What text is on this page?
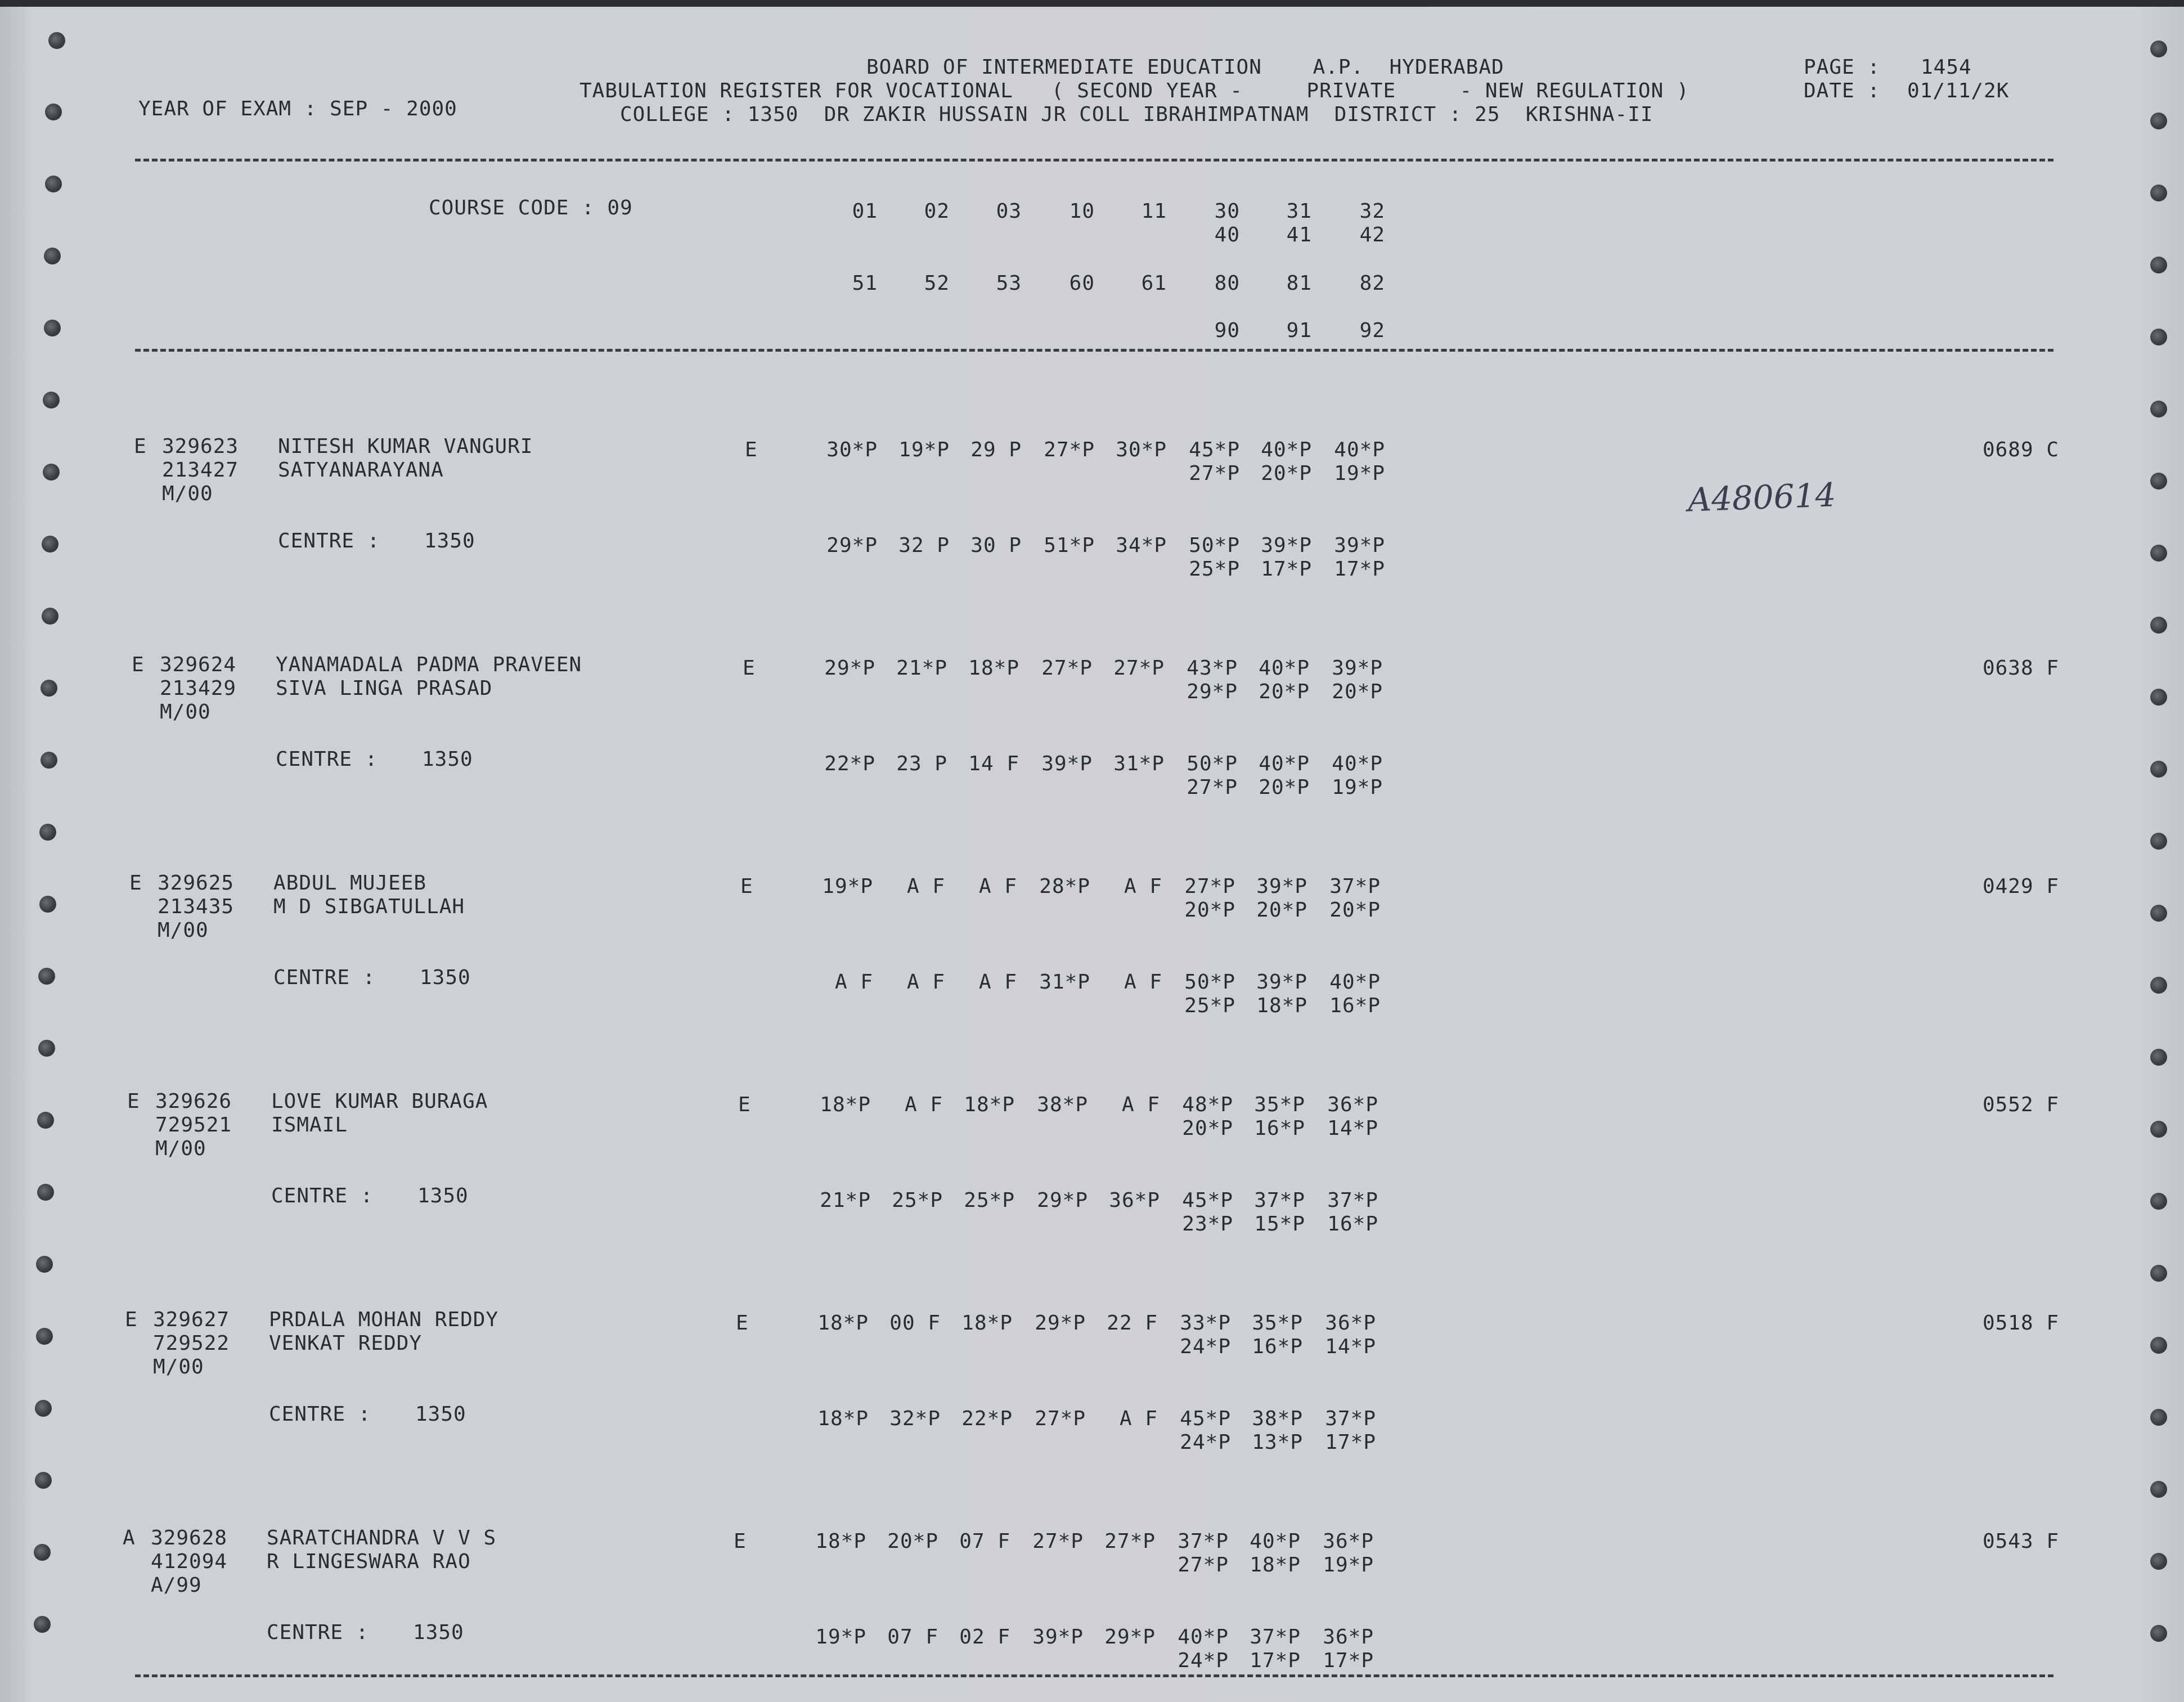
BOARD OF INTERMEDIATE EDUCATION    A.P.  HYDERABAD	PAGE : 1454
TABULATION REGISTER FOR VOCATIONAL   ( SECOND YEAR -     PRIVATE     - NEW REGULATION )	DATE : 01/11/2K
YEAR OF EXAM : SEP - 2000	COLLEGE : 1350  DR ZAKIR HUSSAIN JR COLL IBRAHIMPATNAM  DISTRICT : 25  KRISHNA-II
COURSE CODE : 09	01	02	03	10	11	30	31	32
40	41	42
51	52	53	60	61	80	81	82
90	91	92
E 329623
213427
M/00
NITESH KUMAR VANGURI
SATYANARAYANA
E
CENTRE : 1350
30*P	19*P	29 P	27*P	30*P	45*P	40*P	40*P
27*P	20*P	19*P
29*P	32 P	30 P	51*P	34*P	50*P	39*P	39*P
25*P	17*P	17*P
0689 C
E 329624
213429
M/00
YANAMADALA PADMA PRAVEEN
SIVA LINGA PRASAD
E
CENTRE : 1350
29*P	21*P	18*P	27*P	27*P	43*P	40*P	39*P
29*P	20*P	20*P
22*P	23 P	14 F	39*P	31*P	50*P	40*P	40*P
27*P	20*P	19*P
0638 F
E 329625
213435
M/00
ABDUL MUJEEB
M D SIBGATULLAH
E
CENTRE : 1350
19*P	A F	A F	28*P	A F	27*P	39*P	37*P
20*P	20*P	20*P
A F	A F	A F	31*P	A F	50*P	39*P	40*P
25*P	18*P	16*P
0429 F
E 329626
729521
M/00
LOVE KUMAR BURAGA
ISMAIL
E
CENTRE : 1350
18*P	A F	18*P	38*P	A F	48*P	35*P	36*P
20*P	16*P	14*P
21*P	25*P	25*P	29*P	36*P	45*P	37*P	37*P
23*P	15*P	16*P
0552 F
E 329627
729522
M/00
PRDALA MOHAN REDDY
VENKAT REDDY
E
CENTRE : 1350
18*P	00 F	18*P	29*P	22 F	33*P	35*P	36*P
24*P	16*P	14*P
18*P	32*P	22*P	27*P	A F	45*P	38*P	37*P
24*P	13*P	17*P
0518 F
A 329628
412094
A/99
SARATCHANDRA V V S
R LINGESWARA RAO
E
CENTRE : 1350
18*P	20*P	07 F	27*P	27*P	37*P	40*P	36*P
27*P	18*P	19*P
19*P	07 F	02 F	39*P	29*P	40*P	37*P	36*P
24*P	17*P	17*P
0543 F
A480614
